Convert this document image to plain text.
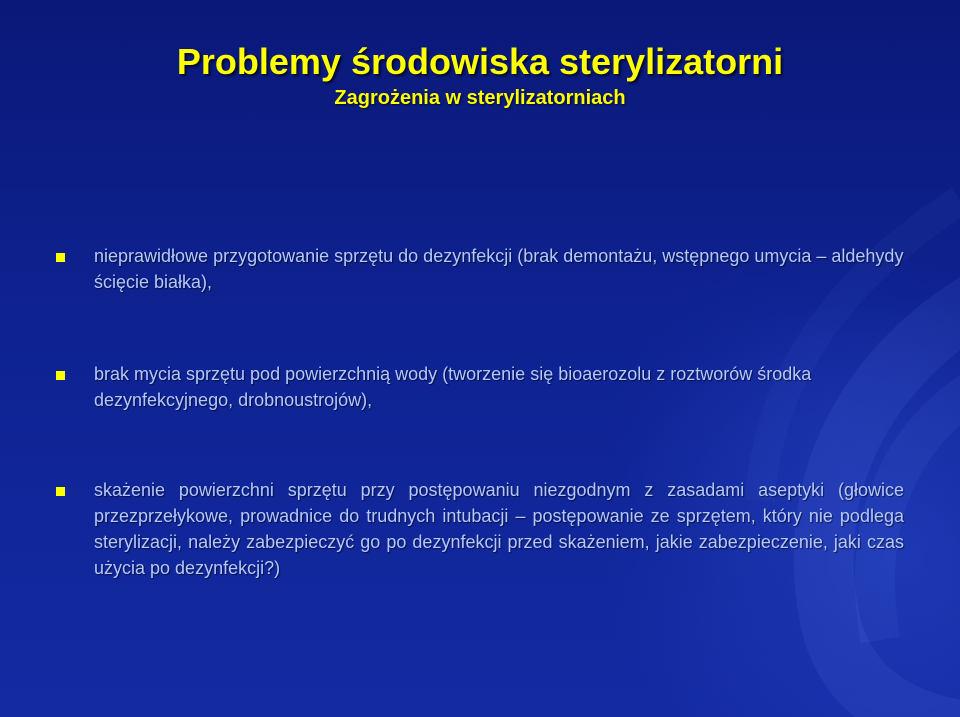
Problemy środowiska sterylizatorni
Zagrożenia w sterylizatorniach
nieprawidłowe przygotowanie sprzętu do dezynfekcji (brak demontażu, wstępnego umycia – aldehydy ścięcie białka),
brak mycia sprzętu pod powierzchnią wody (tworzenie się bioaerozolu z roztworów środka dezynfekcyjnego, drobnoustrojów),
skażenie powierzchni sprzętu przy postępowaniu niezgodnym z zasadami aseptyki (głowice przezprzełykowe, prowadnice do trudnych intubacji – postępowanie ze sprzętem, który nie podlega sterylizacji, należy zabezpieczyć go po dezynfekcji przed skażeniem, jakie zabezpieczenie, jaki czas użycia po dezynfekcji?)
